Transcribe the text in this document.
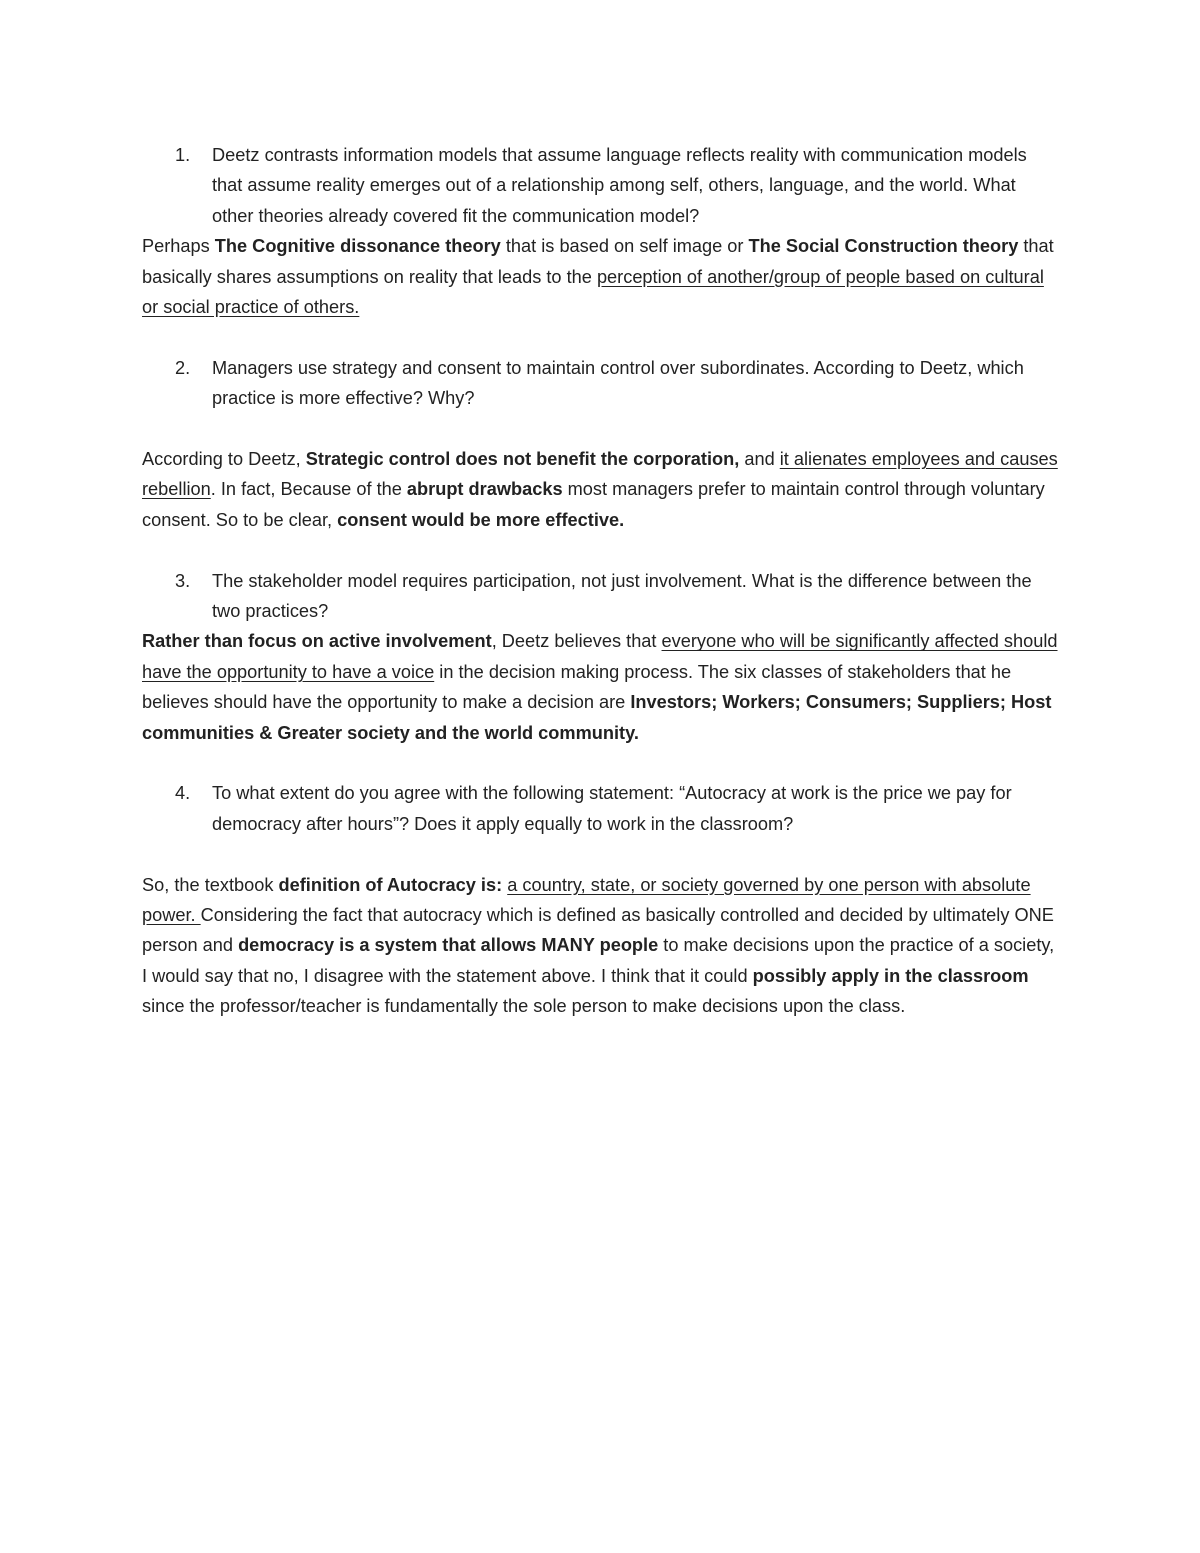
1. Deetz contrasts information models that assume language reflects reality with communication models that assume reality emerges out of a relationship among self, others, language, and the world. What other theories already covered fit the communication model?

Perhaps The Cognitive dissonance theory that is based on self image or The Social Construction theory that basically shares assumptions on reality that leads to the perception of another/group of people based on cultural or social practice of others.

2. Managers use strategy and consent to maintain control over subordinates. According to Deetz, which practice is more effective? Why?

According to Deetz, Strategic control does not benefit the corporation, and it alienates employees and causes rebellion. In fact, Because of the abrupt drawbacks most managers prefer to maintain control through voluntary consent. So to be clear, consent would be more effective.

3. The stakeholder model requires participation, not just involvement. What is the difference between the two practices?

Rather than focus on active involvement, Deetz believes that everyone who will be significantly affected should have the opportunity to have a voice in the decision making process. The six classes of stakeholders that he believes should have the opportunity to make a decision are Investors; Workers; Consumers; Suppliers; Host communities & Greater society and the world community.

4. To what extent do you agree with the following statement: “Autocracy at work is the price we pay for democracy after hours”? Does it apply equally to work in the classroom?

So, the textbook definition of Autocracy is: a country, state, or society governed by one person with absolute power. Considering the fact that autocracy which is defined as basically controlled and decided by ultimately ONE person and democracy is a system that allows MANY people to make decisions upon the practice of a society, I would say that no, I disagree with the statement above. I think that it could possibly apply in the classroom since the professor/teacher is fundamentally the sole person to make decisions upon the class.
